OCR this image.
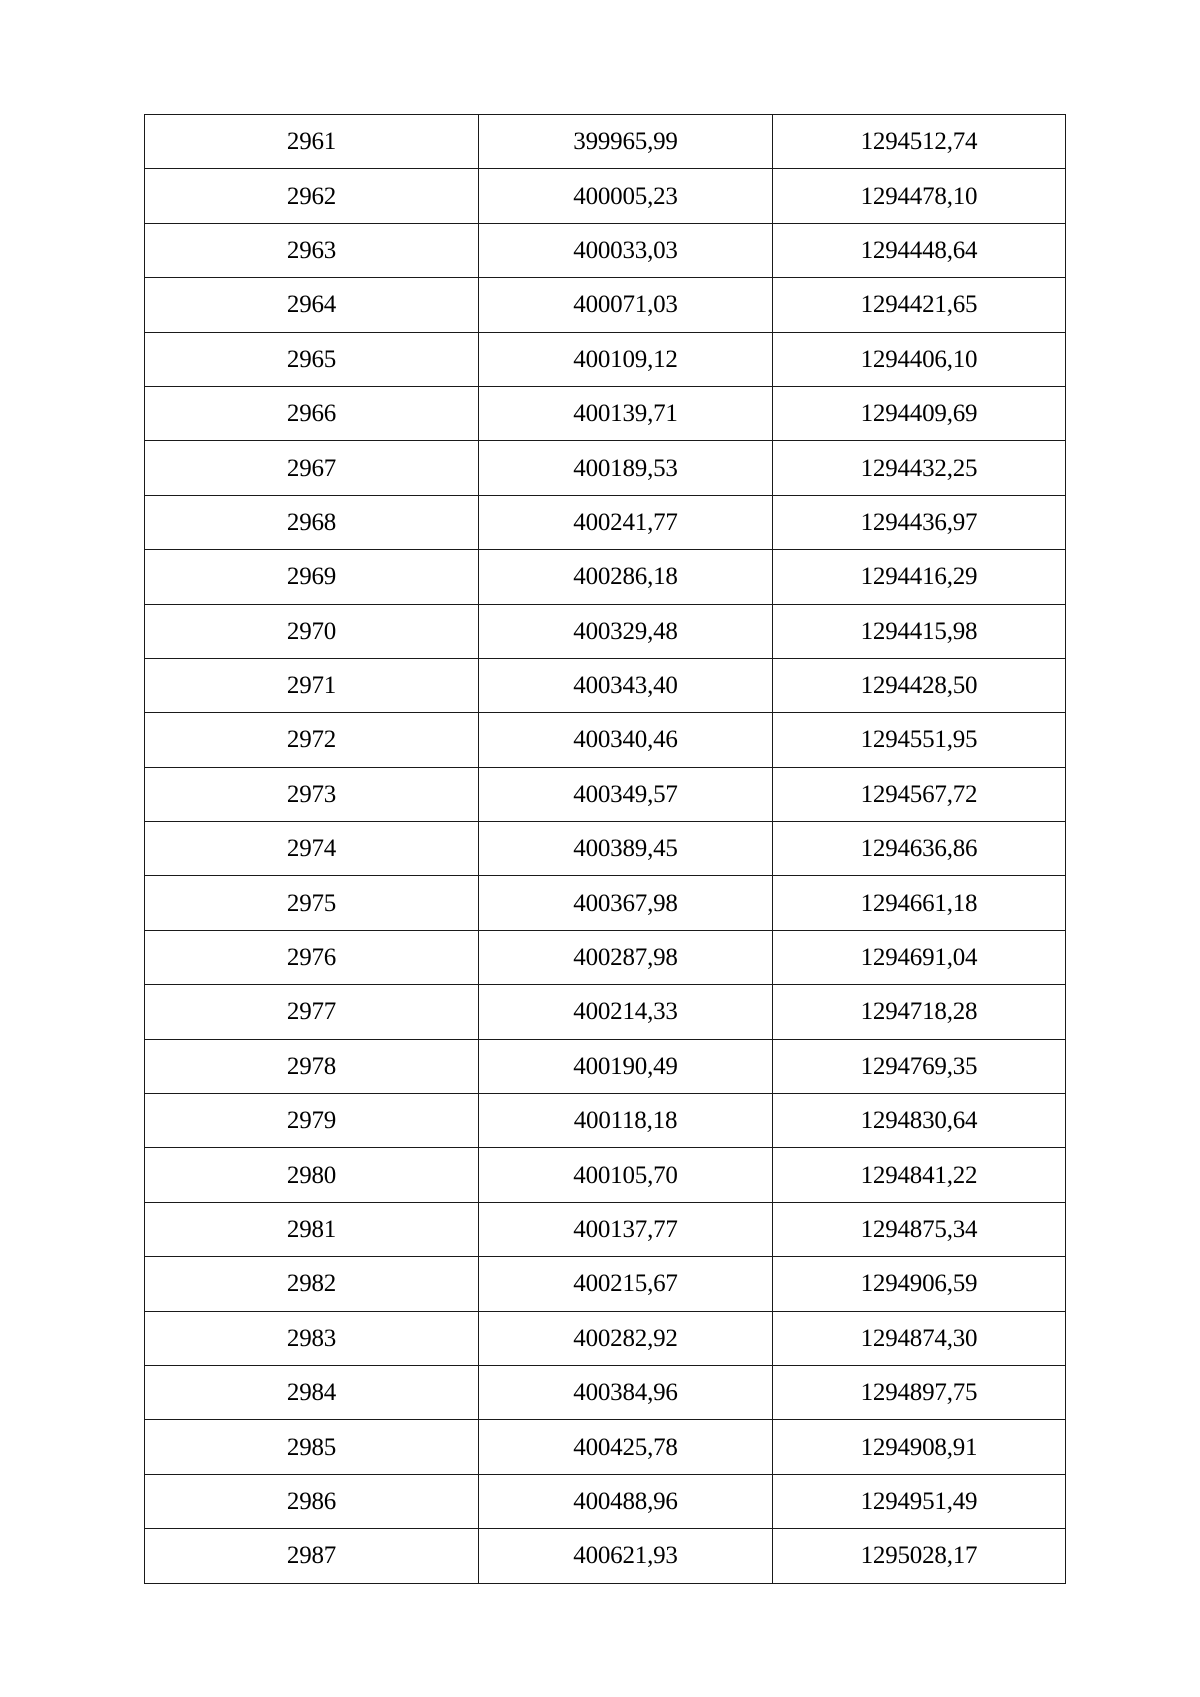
2961	399965,99	1294512,74
2962	400005,23	1294478,10
2963	400033,03	1294448,64
2964	400071,03	1294421,65
2965	400109,12	1294406,10
2966	400139,71	1294409,69
2967	400189,53	1294432,25
2968	400241,77	1294436,97
2969	400286,18	1294416,29
2970	400329,48	1294415,98
2971	400343,40	1294428,50
2972	400340,46	1294551,95
2973	400349,57	1294567,72
2974	400389,45	1294636,86
2975	400367,98	1294661,18
2976	400287,98	1294691,04
2977	400214,33	1294718,28
2978	400190,49	1294769,35
2979	400118,18	1294830,64
2980	400105,70	1294841,22
2981	400137,77	1294875,34
2982	400215,67	1294906,59
2983	400282,92	1294874,30
2984	400384,96	1294897,75
2985	400425,78	1294908,91
2986	400488,96	1294951,49
2987	400621,93	1295028,17
